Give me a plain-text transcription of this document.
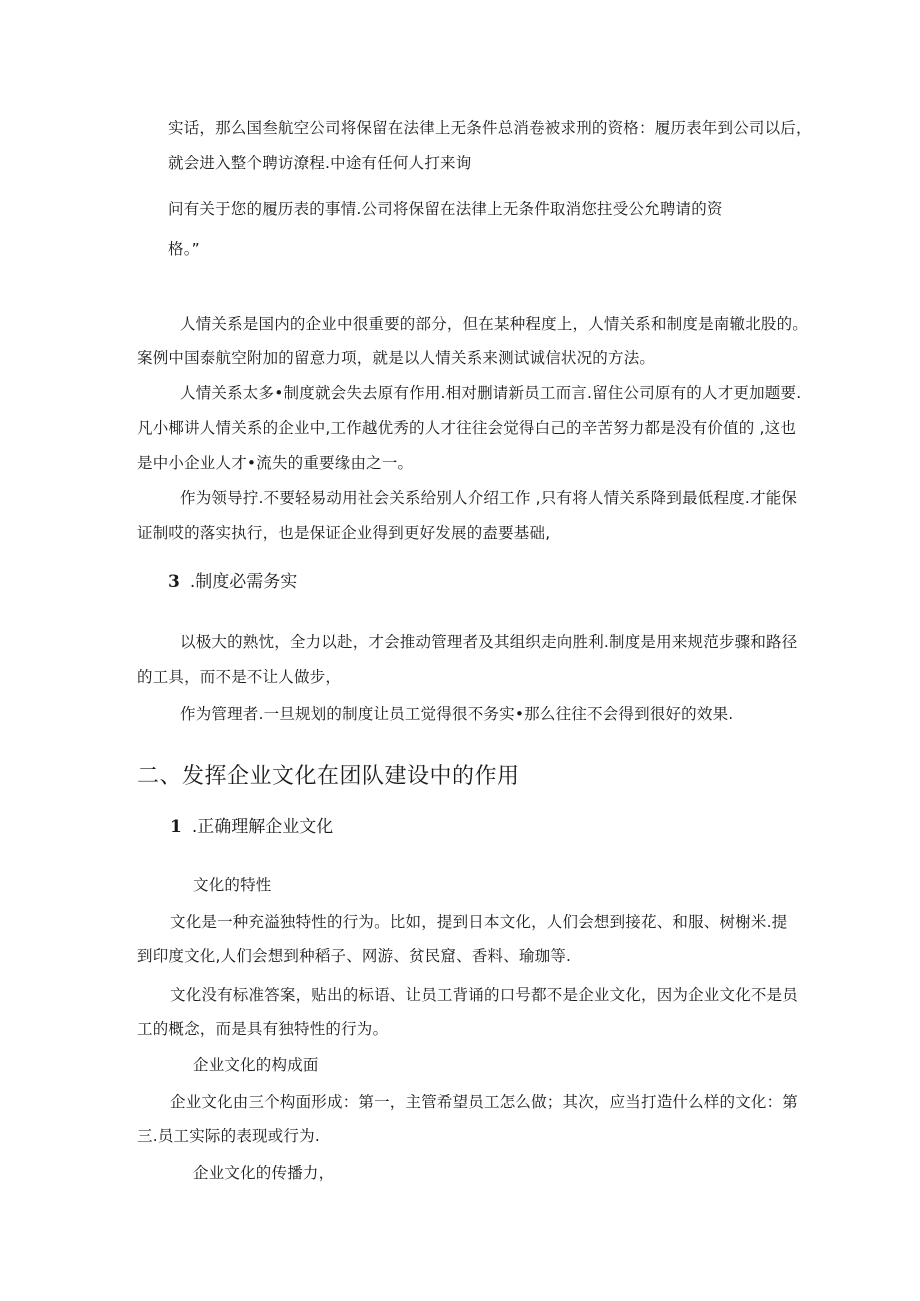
实话，那么国叁航空公司将保留在法律上无条件总消卷被求刑的资格：履历表年到公司以后，
就会进入整个聘访潦程.中途有任何人打来询
问有关于您的履历表的事情.公司将保留在法律上无条件取消您拄受公允聘请的资
格。”
人情关系是国内的企业中很重要的部分，但在某种程度上，人情关系和制度是南辙北股的。
案例中国泰航空附加的留意力项，就是以人情关系来测试诚信状况的方法。
人情关系太多•制度就会失去原有作用.相对删请新员工而言.留住公司原有的人才更加题要.
凡小椰讲人情关系的企业中,工作越优秀的人才往往会觉得白己的辛苦努力都是没有价值的 ,这也
是中小企业人才•流失的重要缘由之一。
作为领导拧.不要轻易动用社会关系给别人介绍工作 ,只有将人情关系降到最低程度.才能保
证制哎的落实执行，也是保证企业得到更好发展的盍要基础,
3 .制度必需务实
以极大的熟忱，全力以赴，才会推动管理者及其组织走向胜利.制度是用来规范步骤和路径
的工具，而不是不让人做步，
作为管理者.一旦规划的制度让员工觉得很不务实•那么往往不会得到很好的效果.
二、发挥企业文化在团队建设中的作用
1 .正确理解企业文化
文化的特性
文化是一种充溢独特性的行为。比如，提到日本文化，人们会想到接花、和服、树榭米.提
到印度文化,人们会想到种稻子、网游、贫民窟、香料、瑜珈等.
文化没有标准答案，贴出的标语、让员工背诵的口号都不是企业文化，因为企业文化不是员
工的概念，而是具有独特性的行为。
企业文化的构成面
企业文化由三个构面形成：第一，主管希望员工怎么做；其次，应当打造什么样的文化：第
三.员工实际的表现或行为.
企业文化的传播力，
